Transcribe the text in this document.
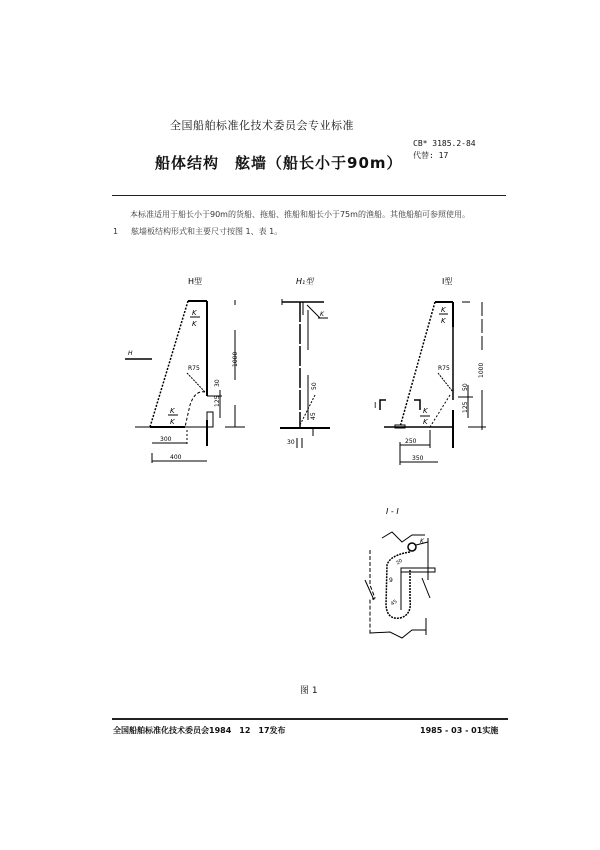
全国船舶标准化技术委员会专业标准
船体结构　舷墙（船长小于90m）
CB* 3185.2-84
代替: 17
本标准适用于船长小于90m的货船、拖船、推船和船长小于75m的渔船。其他船舶可参照使用。
1 舷墙板结构形式和主要尺寸按图 1、表 1。
H型
K
K
H
R75
1000
30
125
K
K
300
400
H₁型
K
50
45
30
I型
K
K
1000
R75
50
125
I
K
K
250
350
I - I
K
9
20
45
图 1
全国船舶标准化技术委员会1984　12　17发布	1985 - 03 - 01实施
